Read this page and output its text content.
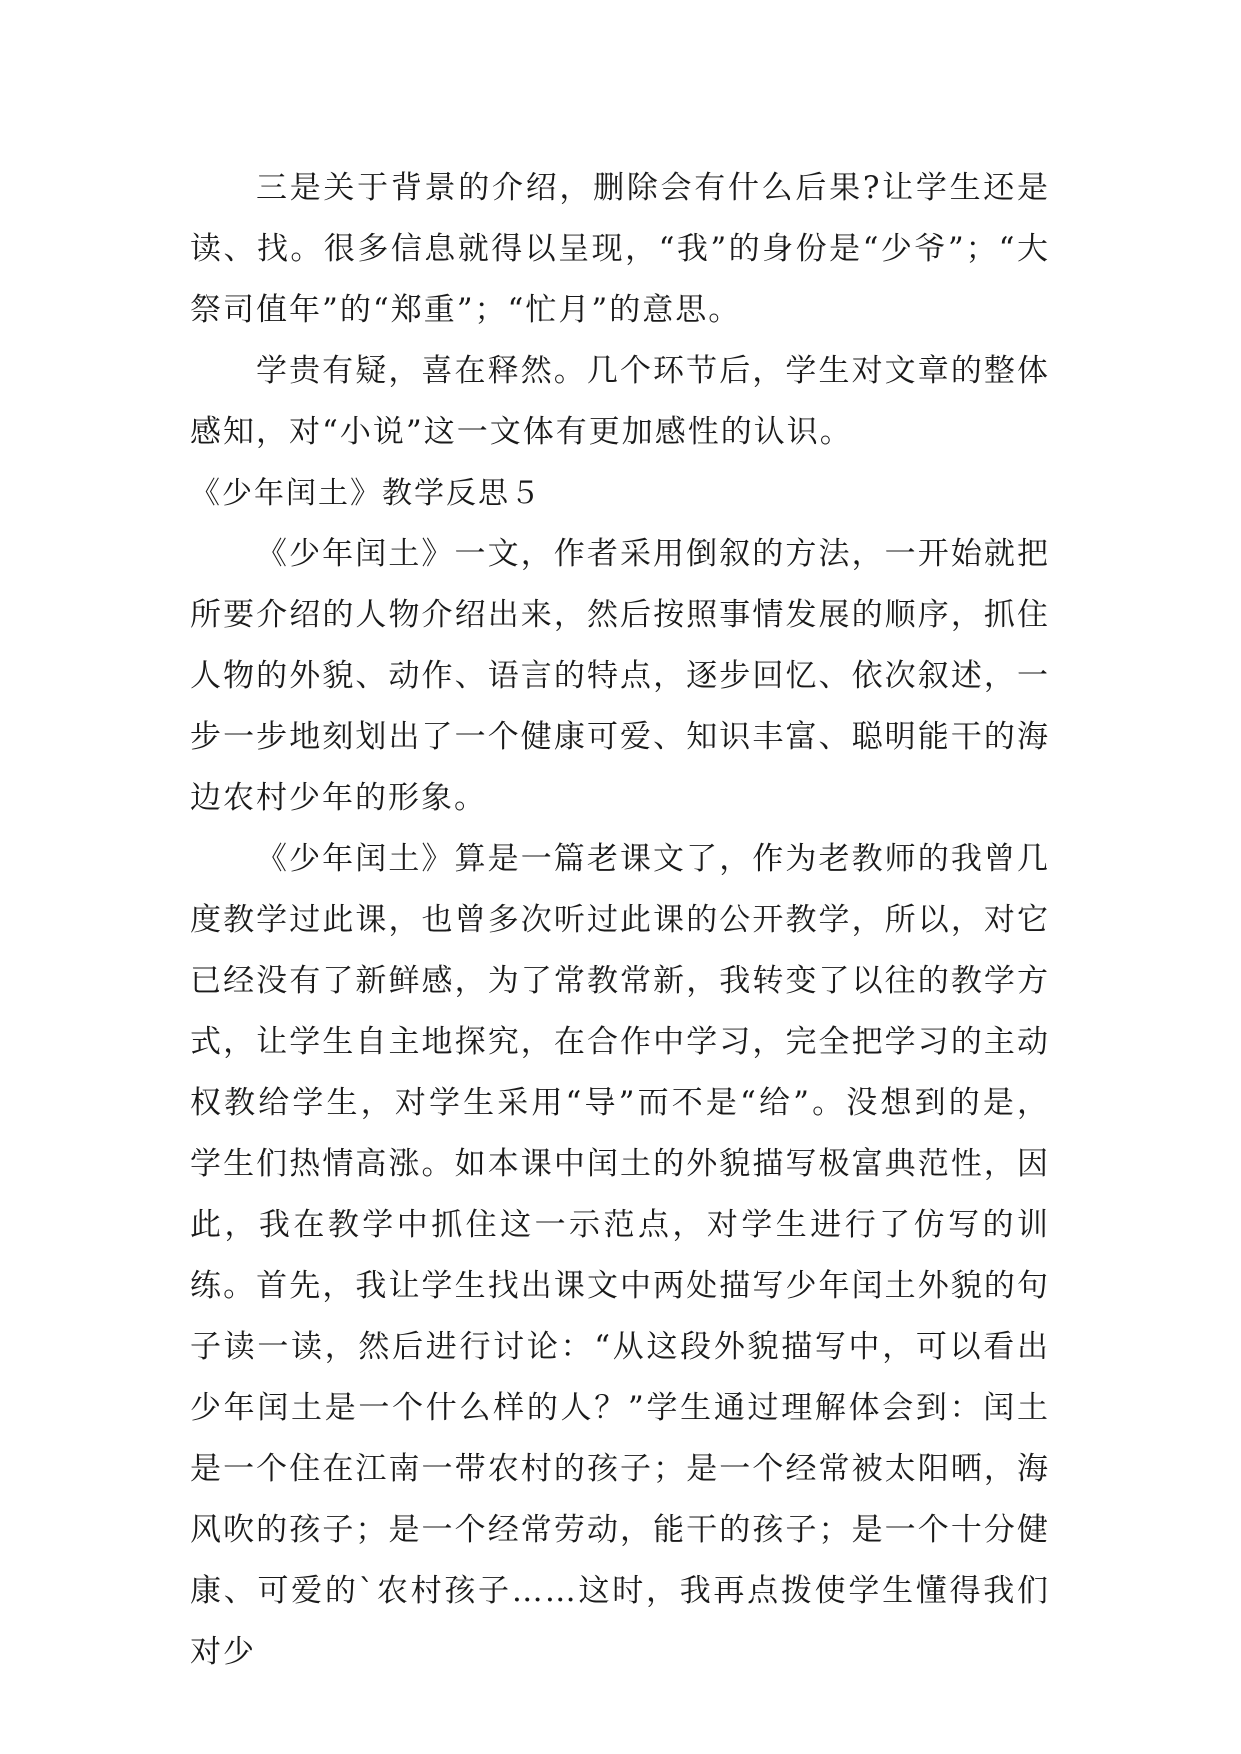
三是关于背景的介绍，删除会有什么后果?让学生还是读、找。很多信息就得以呈现，“我”的身份是“少爷”；“大祭司值年”的“郑重”；“忙月”的意思。

学贵有疑，喜在释然。几个环节后，学生对文章的整体感知，对“小说”这一文体有更加感性的认识。

《少年闰土》教学反思５

《少年闰土》一文，作者采用倒叙的方法，一开始就把所要介绍的人物介绍出来，然后按照事情发展的顺序，抓住人物的外貌、动作、语言的特点，逐步回忆、依次叙述，一步一步地刻划出了一个健康可爱、知识丰富、聪明能干的海边农村少年的形象。

《少年闰土》算是一篇老课文了，作为老教师的我曾几度教学过此课，也曾多次听过此课的公开教学，所以，对它已经没有了新鲜感，为了常教常新，我转变了以往的教学方式，让学生自主地探究，在合作中学习，完全把学习的主动权教给学生，对学生采用“导”而不是“给”。没想到的是，学生们热情高涨。如本课中闰土的外貌描写极富典范性，因此，我在教学中抓住这一示范点，对学生进行了仿写的训练。首先，我让学生找出课文中两处描写少年闰土外貌的句子读一读，然后进行讨论：“从这段外貌描写中，可以看出少年闰土是一个什么样的人？”学生通过理解体会到：闰土是一个住在江南一带农村的孩子；是一个经常被太阳晒，海风吹的孩子；是一个经常劳动，能干的孩子；是一个十分健康、可爱的`农村孩子……这时，我再点拨使学生懂得我们对少
